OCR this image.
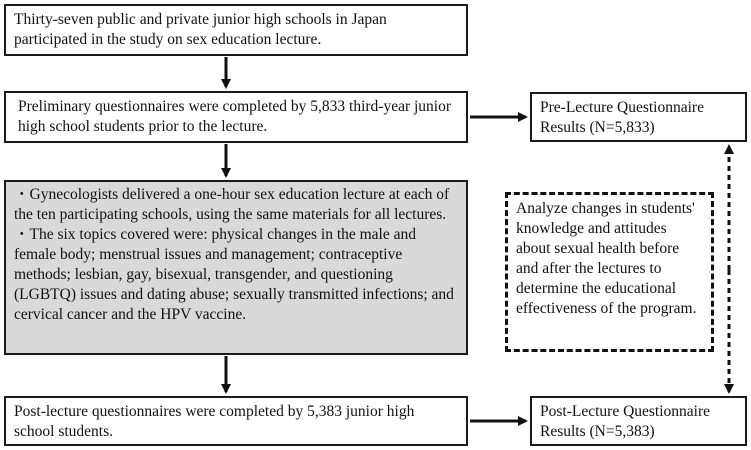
Thirty-seven public and private junior high schools in Japan participated in the study on sex education lecture.

Preliminary questionnaires were completed by 5,833 third-year junior high school students prior to the lecture.

・Gynecologists delivered a one-hour sex education lecture at each of the ten participating schools, using the same materials for all lectures.

・The six topics covered were: physical changes in the male and female body; menstrual issues and management; contraceptive methods; lesbian, gay, bisexual, transgender, and questioning (LGBTQ) issues and dating abuse; sexually transmitted infections; and cervical cancer and the HPV vaccine.

Post-lecture questionnaires were completed by 5,383 junior high school students.

Pre-Lecture Questionnaire Results (N=5,833)

Post-Lecture Questionnaire Results (N=5,383)

Analyze changes in students' knowledge and attitudes about sexual health before and after the lectures to determine the educational effectiveness of the program.
